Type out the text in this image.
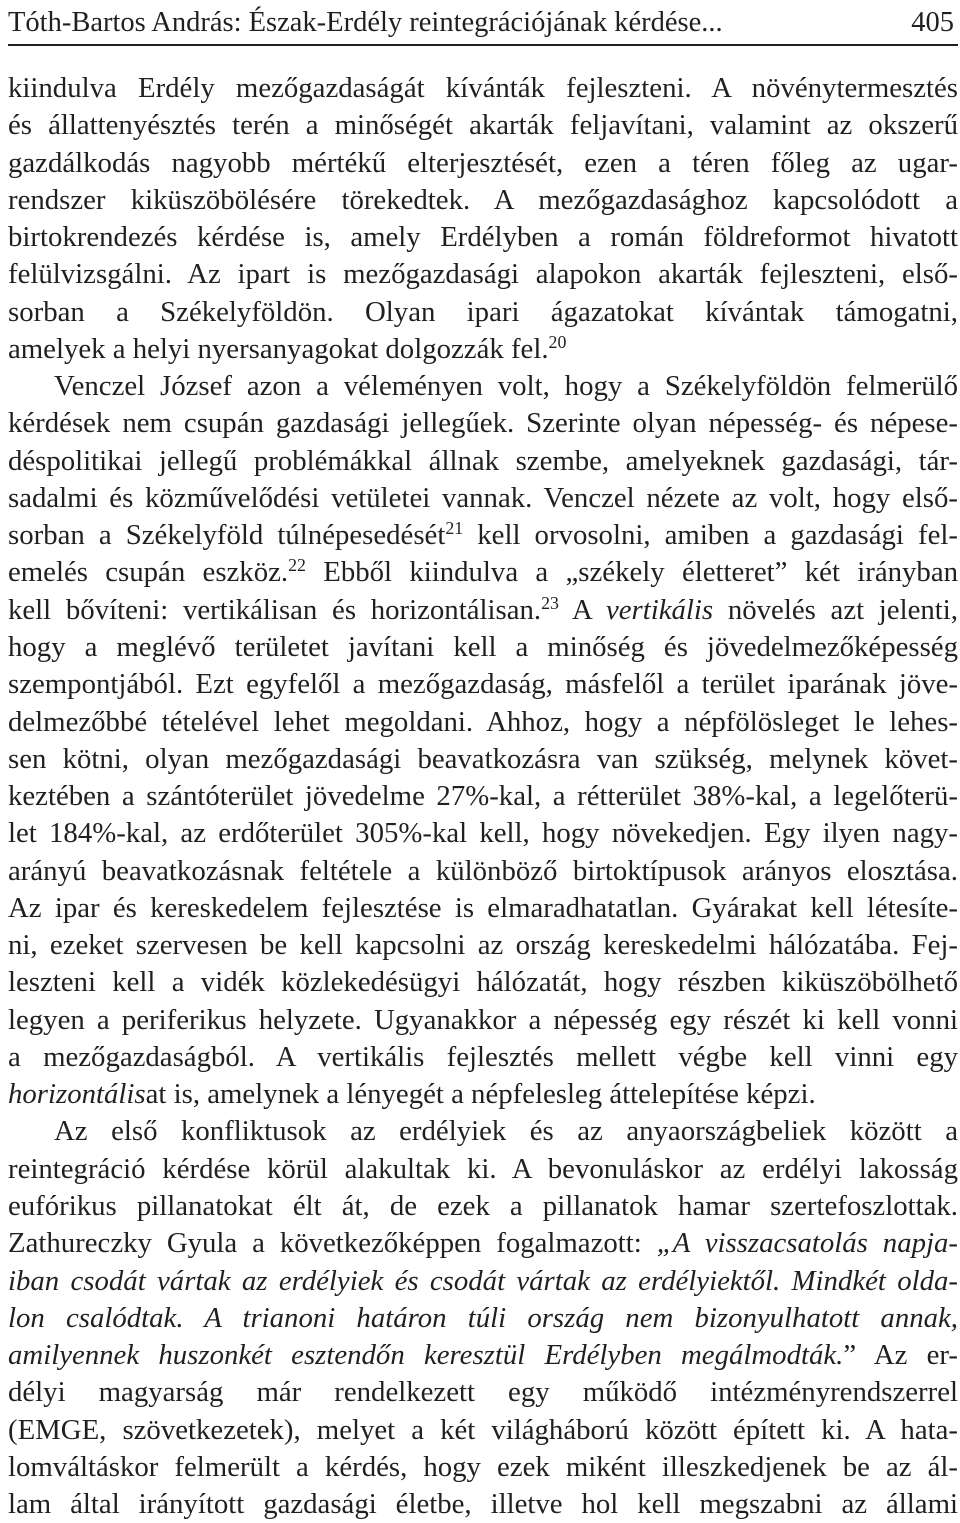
Tóth-Bartos András: Észak-Erdély reintegrációjának kérdése...	405
kiindulva Erdély mezőgazdaságát kívánták fejleszteni. A növénytermesztés
és állattenyésztés terén a minőségét akarták feljavítani, valamint az okszerű
gazdálkodás nagyobb mértékű elterjesztését, ezen a téren főleg az ugar-
rendszer kiküszöbölésére törekedtek. A mezőgazdasághoz kapcsolódott a
birtokrendezés kérdése is, amely Erdélyben a román földreformot hivatott
felülvizsgálni. Az ipart is mezőgazdasági alapokon akarták fejleszteni, első-
sorban a Székelyföldön. Olyan ipari ágazatokat kívántak támogatni,
amelyek a helyi nyersanyagokat dolgozzák fel.$^{20}$
Venczel József azon a véleményen volt, hogy a Székelyföldön felmerülő
kérdések nem csupán gazdasági jellegűek. Szerinte olyan népesség- és népese-
déspolitikai jellegű problémákkal állnak szembe, amelyeknek gazdasági, tár-
sadalmi és közművelődési vetületei vannak. Venczel nézete az volt, hogy első-
sorban a Székelyföld túlnépesedését$^{21}$ kell orvosolni, amiben a gazdasági fel-
emelés csupán eszköz.$^{22}$ Ebből kiindulva a „székely életteret” két irányban
kell bővíteni: vertikálisan és horizontálisan.$^{23}$ A vertikális növelés azt jelenti,
hogy a meglévő területet javítani kell a minőség és jövedelmezőképesség
szempontjából. Ezt egyfelől a mezőgazdaság, másfelől a terület iparának jöve-
delmezőbbé tételével lehet megoldani. Ahhoz, hogy a népfölösleget le lehes-
sen kötni, olyan mezőgazdasági beavatkozásra van szükség, melynek követ-
keztében a szántóterület jövedelme 27%-kal, a rétterület 38%-kal, a legelőterü-
let 184%-kal, az erdőterület 305%-kal kell, hogy növekedjen. Egy ilyen nagy-
arányú beavatkozásnak feltétele a különböző birtoktípusok arányos elosztása.
Az ipar és kereskedelem fejlesztése is elmaradhatatlan. Gyárakat kell létesíte-
ni, ezeket szervesen be kell kapcsolni az ország kereskedelmi hálózatába. Fej-
leszteni kell a vidék közlekedésügyi hálózatát, hogy részben kiküszöbölhető
legyen a periferikus helyzete. Ugyanakkor a népesség egy részét ki kell vonni
a mezőgazdaságból. A vertikális fejlesztés mellett végbe kell vinni egy
horizontálisat is, amelynek a lényegét a népfelesleg áttelepítése képzi.
Az első konfliktusok az erdélyiek és az anyaországbeliek között a
reintegráció kérdése körül alakultak ki. A bevonuláskor az erdélyi lakosság
eufórikus pillanatokat élt át, de ezek a pillanatok hamar szertefoszlottak.
Zathureczky Gyula a következőképpen fogalmazott: „A visszacsatolás napja-
iban csodát vártak az erdélyiek és csodát vártak az erdélyiektől. Mindkét olda-
lon csalódtak. A trianoni határon túli ország nem bizonyulhatott annak,
amilyennek huszonkét esztendőn keresztül Erdélyben megálmodták.” Az er-
délyi magyarság már rendelkezett egy működő intézményrendszerrel
(EMGE, szövetkezetek), melyet a két világháború között épített ki. A hata-
lomváltáskor felmerült a kérdés, hogy ezek miként illeszkedjenek be az ál-
lam által irányított gazdasági életbe, illetve hol kell megszabni az állami
